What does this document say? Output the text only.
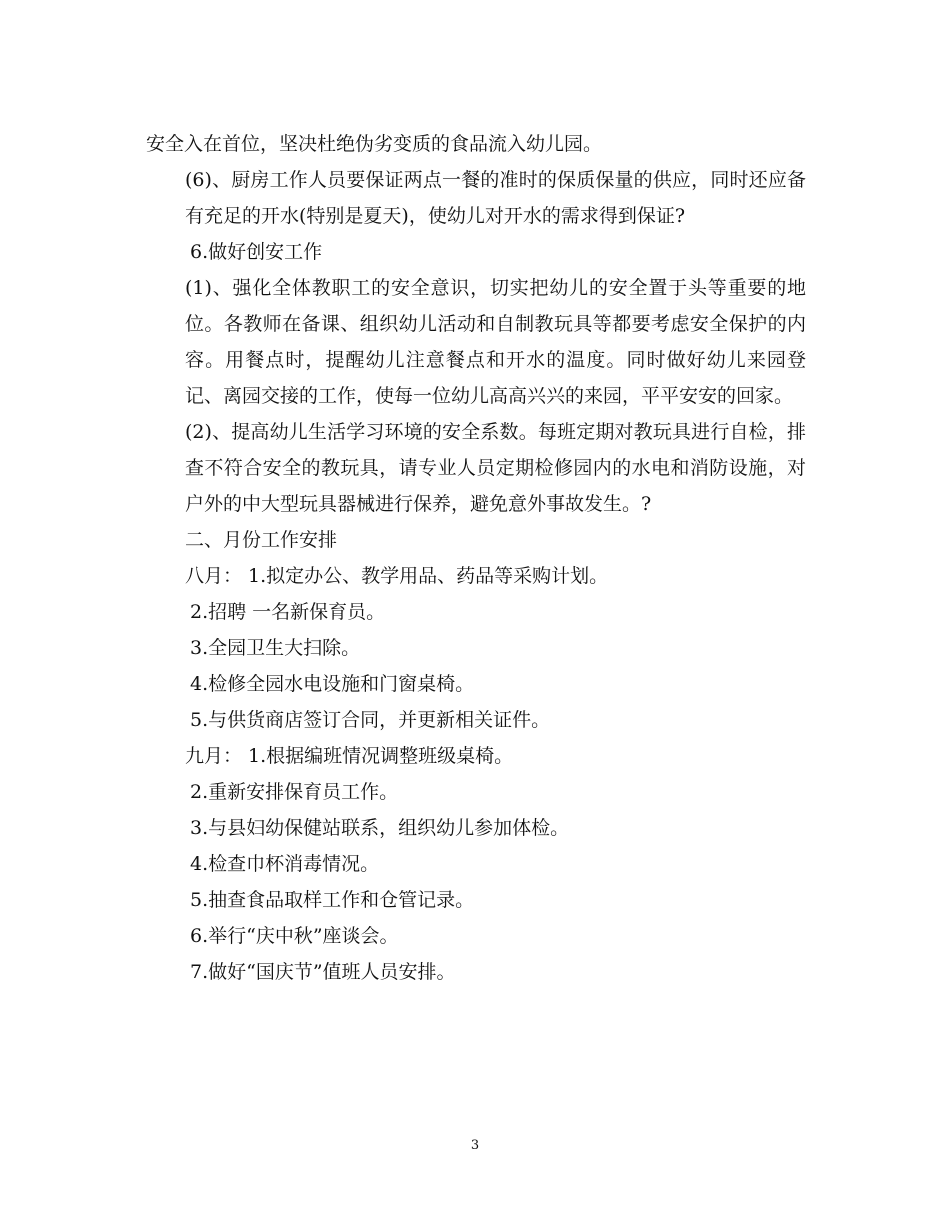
安全入在首位，坚决杜绝伪劣变质的食品流入幼儿园。

(6)、厨房工作人员要保证两点一餐的准时的保质保量的供应，同时还应备有充足的开水(特别是夏天)，使幼儿对开水的需求得到保证?

6.做好创安工作

(1)、强化全体教职工的安全意识，切实把幼儿的安全置于头等重要的地位。各教师在备课、组织幼儿活动和自制教玩具等都要考虑安全保护的内容。用餐点时，提醒幼儿注意餐点和开水的温度。同时做好幼儿来园登记、离园交接的工作，使每一位幼儿高高兴兴的来园，平平安安的回家。

(2)、提高幼儿生活学习环境的安全系数。每班定期对教玩具进行自检，排查不符合安全的教玩具，请专业人员定期检修园内的水电和消防设施，对户外的中大型玩具器械进行保养，避免意外事故发生。?

二、月份工作安排

八月： 1.拟定办公、教学用品、药品等采购计划。

2.招聘 一名新保育员。

3.全园卫生大扫除。

4.检修全园水电设施和门窗桌椅。

5.与供货商店签订合同，并更新相关证件。

九月： 1.根据编班情况调整班级桌椅。

2.重新安排保育员工作。

3.与县妇幼保健站联系，组织幼儿参加体检。

4.检查巾杯消毒情况。

5.抽查食品取样工作和仓管记录。

6.举行“庆中秋”座谈会。

7.做好“国庆节”值班人员安排。

3
